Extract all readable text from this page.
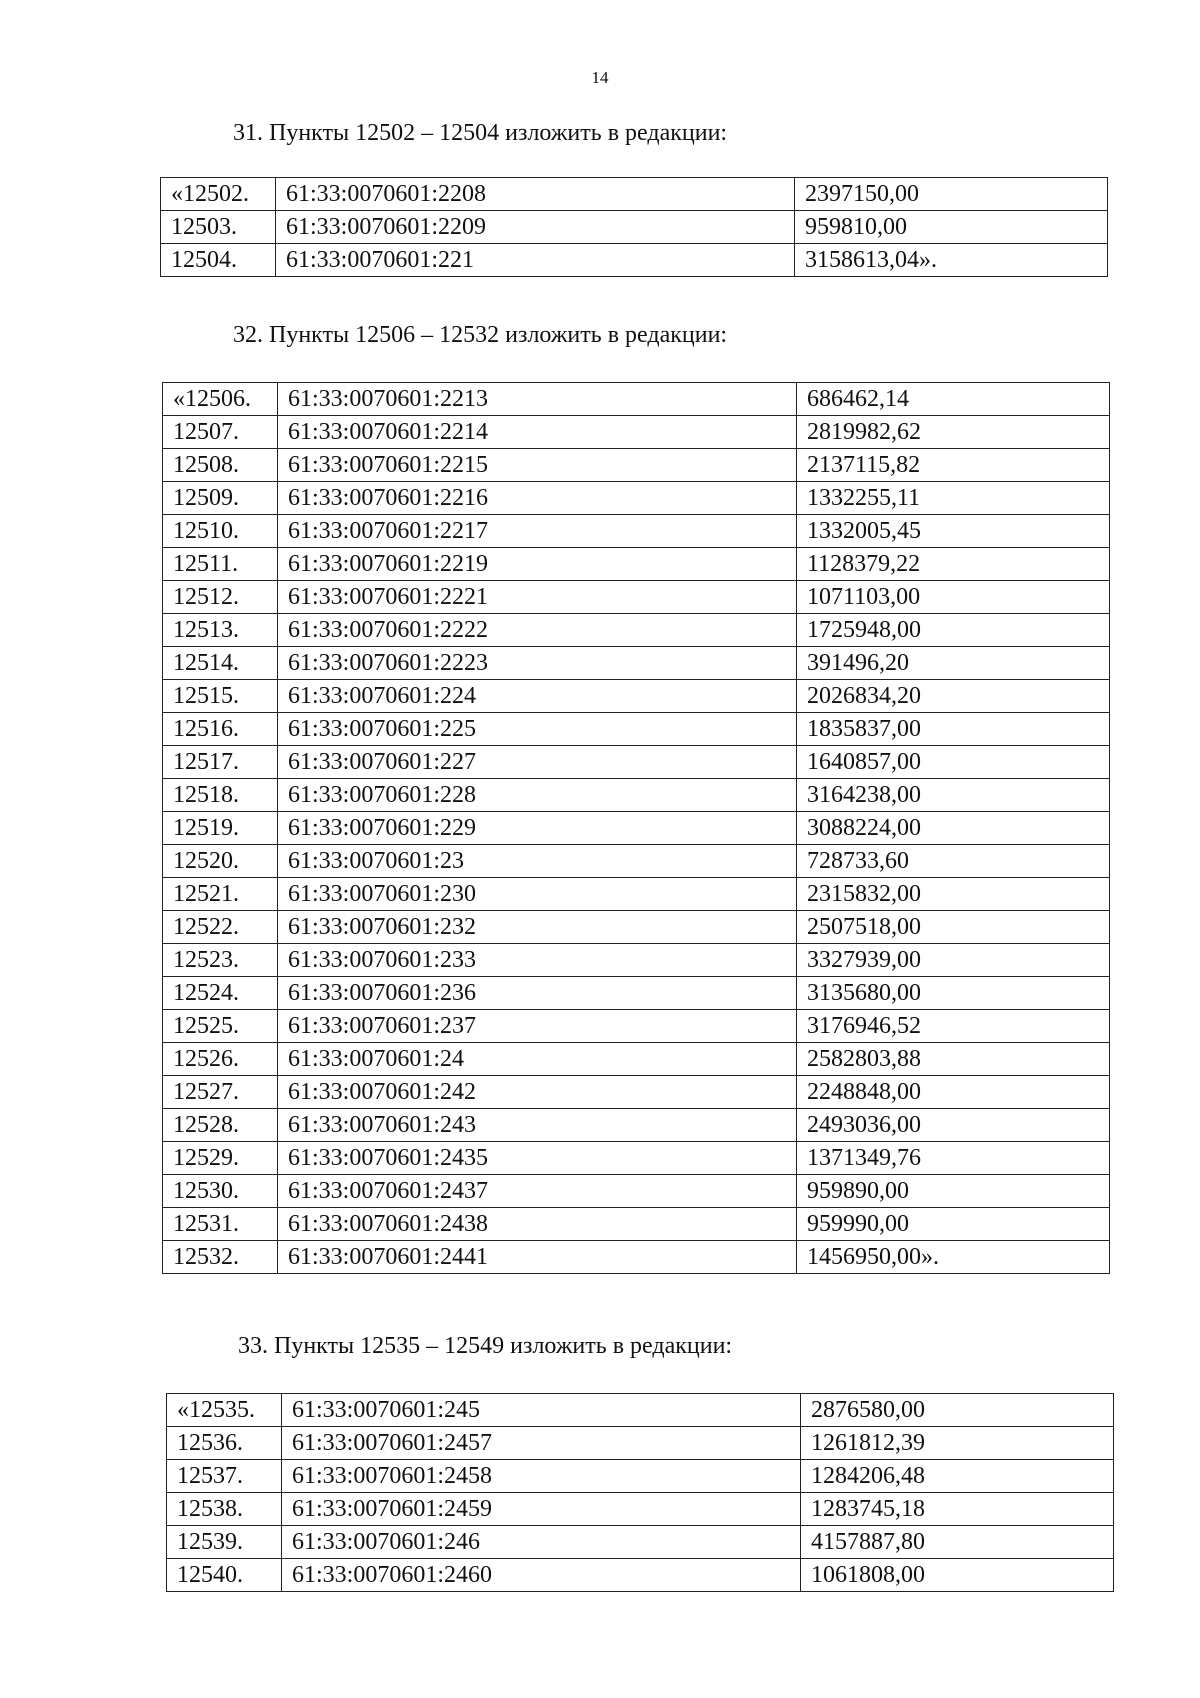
14
31. Пункты 12502 – 12504 изложить в редакции:
«12502.	61:33:0070601:2208	2397150,00
12503.	61:33:0070601:2209	959810,00
12504.	61:33:0070601:221	3158613,04».
32. Пункты 12506 – 12532 изложить в редакции:
«12506.	61:33:0070601:2213	686462,14
12507.	61:33:0070601:2214	2819982,62
12508.	61:33:0070601:2215	2137115,82
12509.	61:33:0070601:2216	1332255,11
12510.	61:33:0070601:2217	1332005,45
12511.	61:33:0070601:2219	1128379,22
12512.	61:33:0070601:2221	1071103,00
12513.	61:33:0070601:2222	1725948,00
12514.	61:33:0070601:2223	391496,20
12515.	61:33:0070601:224	2026834,20
12516.	61:33:0070601:225	1835837,00
12517.	61:33:0070601:227	1640857,00
12518.	61:33:0070601:228	3164238,00
12519.	61:33:0070601:229	3088224,00
12520.	61:33:0070601:23	728733,60
12521.	61:33:0070601:230	2315832,00
12522.	61:33:0070601:232	2507518,00
12523.	61:33:0070601:233	3327939,00
12524.	61:33:0070601:236	3135680,00
12525.	61:33:0070601:237	3176946,52
12526.	61:33:0070601:24	2582803,88
12527.	61:33:0070601:242	2248848,00
12528.	61:33:0070601:243	2493036,00
12529.	61:33:0070601:2435	1371349,76
12530.	61:33:0070601:2437	959890,00
12531.	61:33:0070601:2438	959990,00
12532.	61:33:0070601:2441	1456950,00».
33. Пункты 12535 – 12549 изложить в редакции:
«12535.	61:33:0070601:245	2876580,00
12536.	61:33:0070601:2457	1261812,39
12537.	61:33:0070601:2458	1284206,48
12538.	61:33:0070601:2459	1283745,18
12539.	61:33:0070601:246	4157887,80
12540.	61:33:0070601:2460	1061808,00
